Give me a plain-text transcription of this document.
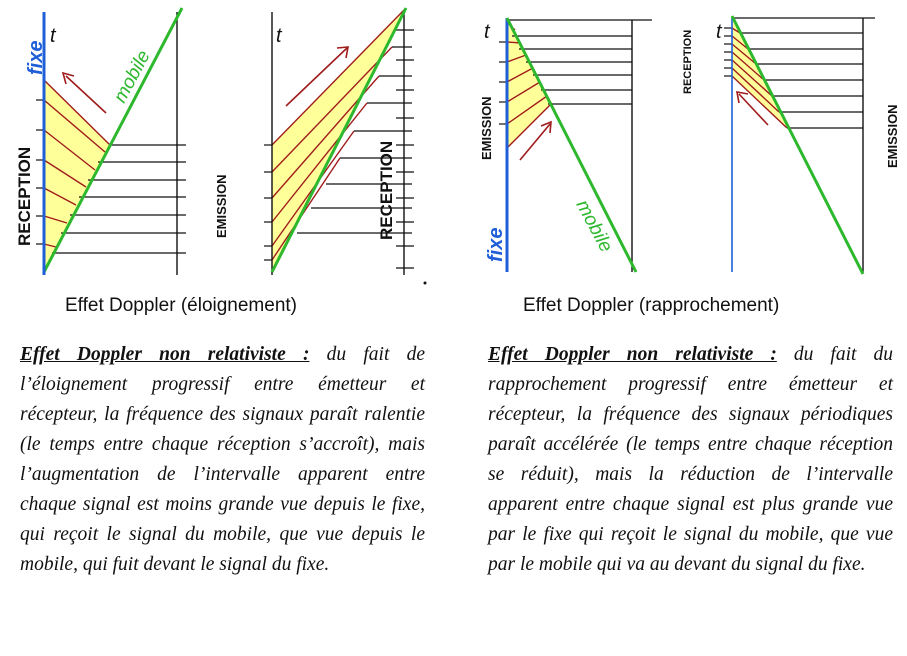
fixe
t
mobile
RECEPTION	EMISSION
t
RECEPTION
Effet Doppler (éloignement)
t
EMISSION
fixe	mobile
t
RECEPTION
EMISSION
Effet Doppler (rapprochement)
Effet Doppler non relativiste : du fait de l’éloignement progressif entre émetteur et récepteur, la fréquence des signaux paraît ralentie (le temps entre chaque réception s’accroît), mais l’augmentation de l’intervalle apparent entre chaque signal est moins grande vue depuis le fixe, qui reçoit le signal du mobile, que vue depuis le mobile, qui fuit devant le signal du fixe.
Effet Doppler non relativiste : du fait du rapprochement progressif entre émetteur et récepteur, la fréquence des signaux périodiques paraît accélérée (le temps entre chaque réception se réduit), mais la réduction de l’intervalle apparent entre chaque signal est plus grande vue par le fixe qui reçoit le signal du mobile, que vue par le mobile qui va au devant du signal du fixe.
